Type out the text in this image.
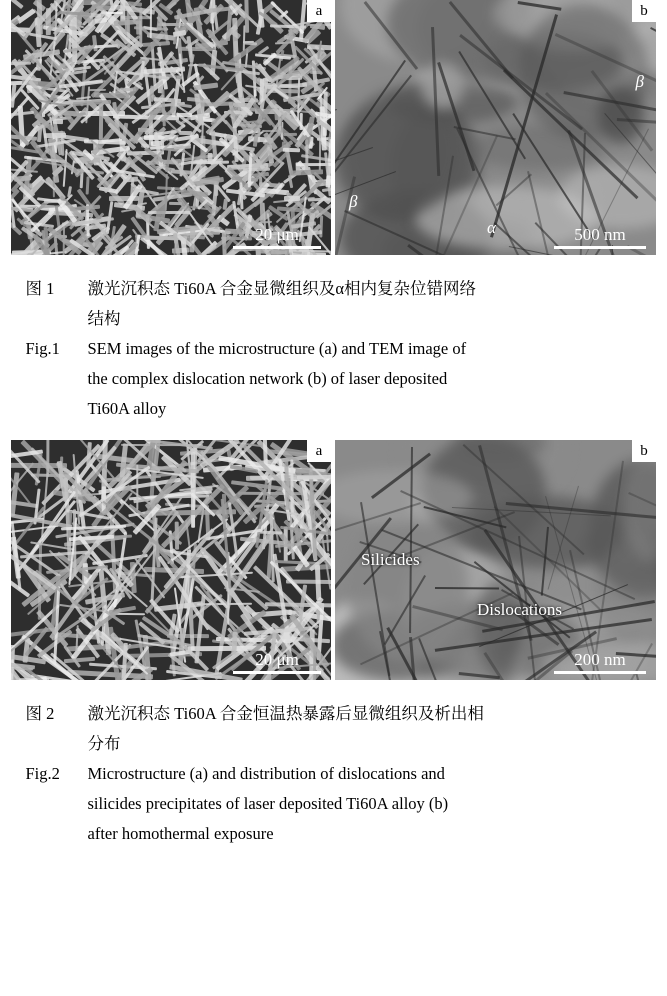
a
20 μm
b
β
β
α	500 nm
图 1	激光沉积态 Ti60A 合金显微组织及α相内复杂位错网络
结构
Fig.1	SEM images of the microstructure (a) and TEM image of
the complex dislocation network (b) of laser deposited
Ti60A alloy
a
20 μm
b
Silicides
Dislocations
200 nm
图 2	激光沉积态 Ti60A 合金恒温热暴露后显微组织及析出相
分布
Fig.2	Microstructure (a) and distribution of dislocations and
silicides precipitates of laser deposited Ti60A alloy (b)
after homothermal exposure
